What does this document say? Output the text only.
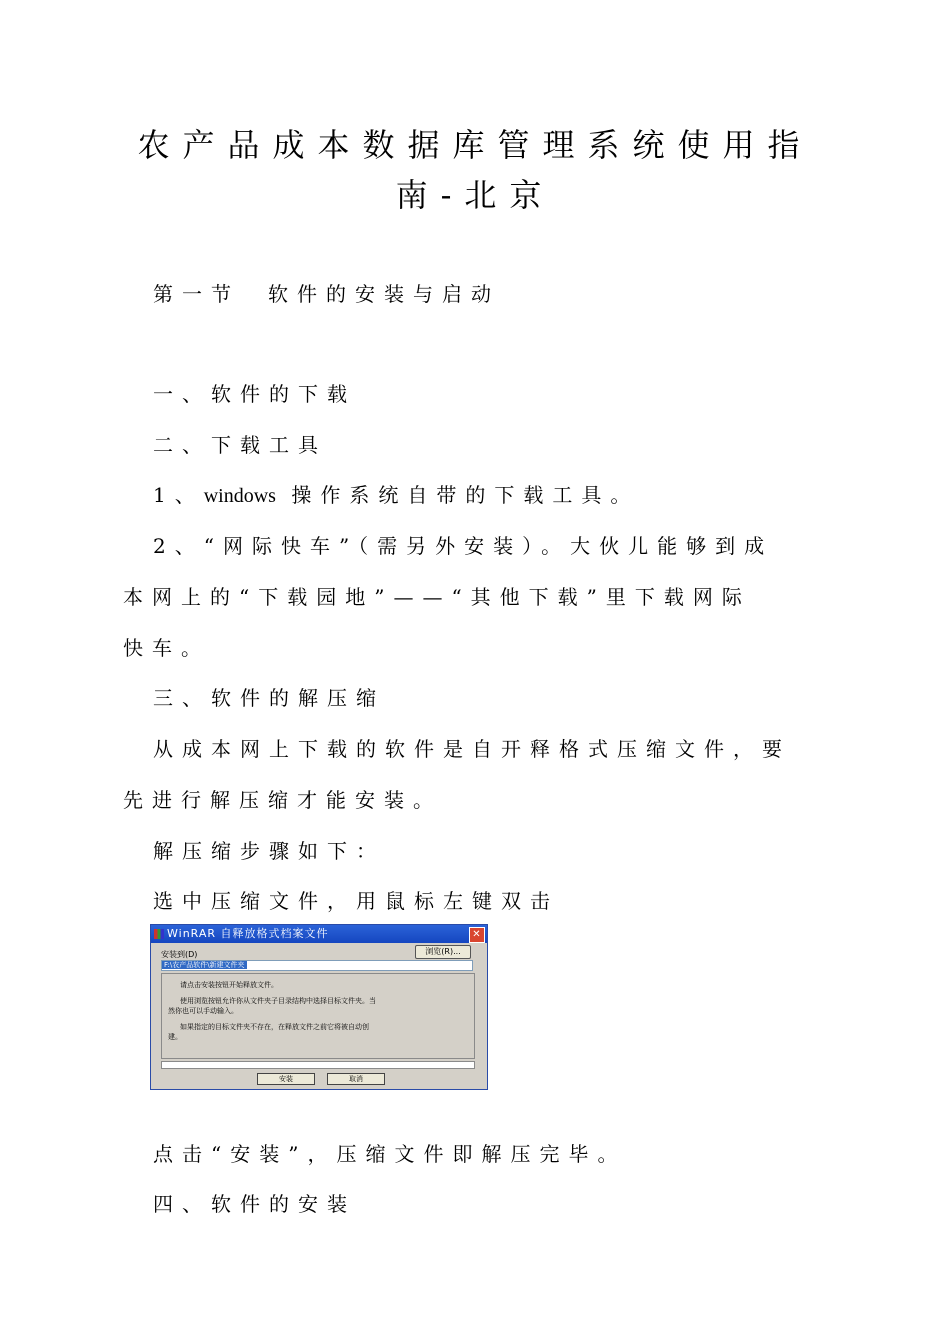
农产品成本数据库管理系统使用指
南-北京
第一节 软件的安装与启动
一、软件的下载
二、下载工具
1、windows 操作系统自带的下载工具。
2、“网际快车”（需另外安装）。大伙儿能够到成
本网上的“下载园地”——“其他下载”里下载网际
快车。
三、软件的解压缩
从成本网上下载的软件是自开释格式压缩文件，要
先进行解压缩才能安装。
解压缩步骤如下：
选中压缩文件，用鼠标左键双击
WinRAR 自释放格式档案文件	✕
安装到(D)	浏览(R)...
F:\农产品软件\新建文件夹

请点击安装按钮开始释放文件。

使用浏览按钮允许你从文件夹子目录结构中选择目标文件夹。当

然你也可以手动输入。

如果指定的目标文件夹不存在，在释放文件之前它将被自动创

建。

安装	取消
点击“安装”，压缩文件即解压完毕。
四、软件的安装
